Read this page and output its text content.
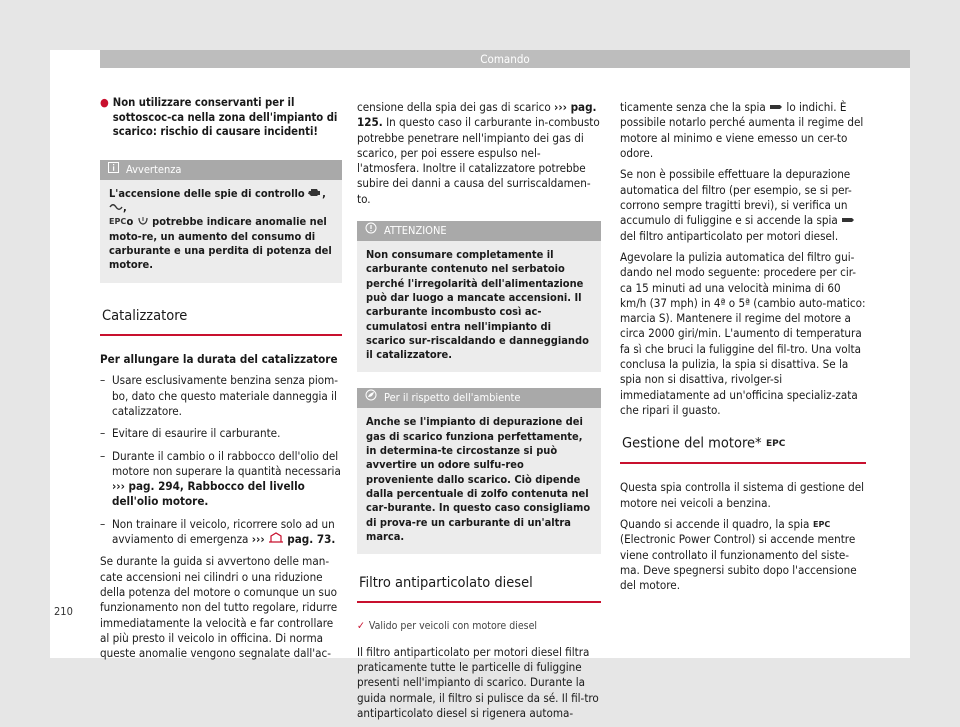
Comando
● Non utilizzare conservanti per il sottoscoc-ca nella zona dell'impianto di scarico: rischio di causare incidenti!
Avvertenza
L'accensione delle spie di controllo , ,

EPC o potrebbe indicare anomalie nel moto-re, un aumento del consumo di carburante e una perdita di potenza del motore.
Catalizzatore

Per allungare la durata del catalizzatore

– Usare esclusivamente benzina senza piom-bo, dato che questo materiale danneggia il catalizzatore.
– Evitare di esaurire il carburante.
– Durante il cambio o il rabbocco dell'olio del motore non superare la quantità necessaria ››› pag. 294, Rabbocco del livello dell'olio motore.
– Non trainare il veicolo, ricorrere solo ad un avviamento di emergenza ››› pag. 73.

Se durante la guida si avvertono delle man-cate accensioni nei cilindri o una riduzione della potenza del motore o comunque un suo funzionamento non del tutto regolare, ridurre immediatamente la velocità e far controllare al più presto il veicolo in officina. Di norma queste anomalie vengono segnalate dall'ac-

censione della spia dei gas di scarico ››› pag. 125. In questo caso il carburante in-combusto potrebbe penetrare nell'impianto dei gas di scarico, per poi essere espulso nel-l'atmosfera. Inoltre il catalizzatore potrebbe subire dei danni a causa del surriscaldamen-to.

ATTENZIONE
Non consumare completamente il carburante contenuto nel serbatoio perché l'irregolarità dell'alimentazione può dar luogo a mancate accensioni. Il carburante incombusto così ac-cumulatosi entra nell'impianto di scarico sur-riscaldando e danneggiando il catalizzatore.
Per il rispetto dell'ambiente
Anche se l'impianto di depurazione dei gas di scarico funziona perfettamente, in determina-te circostanze si può avvertire un odore sulfu-reo proveniente dallo scarico. Ciò dipende dalla percentuale di zolfo contenuta nel car-burante. In questo caso consigliamo di prova-re un carburante di un'altra marca.
Filtro antiparticolato diesel
✓ Valido per veicoli con motore diesel

Il filtro antiparticolato per motori diesel filtra praticamente tutte le particelle di fuliggine presenti nell'impianto di scarico. Durante la guida normale, il filtro si pulisce da sé. Il fil-tro antiparticolato diesel si rigenera automa-

ticamente senza che la spia lo indichi. È possibile notarlo perché aumenta il regime del motore al minimo e viene emesso un cer-to odore.

Se non è possibile effettuare la depurazione automatica del filtro (per esempio, se si per-corrono sempre tragitti brevi), si verifica un accumulo di fuliggine e si accende la spia  del filtro antiparticolato per motori diesel.

Agevolare la pulizia automatica del filtro gui-dando nel modo seguente: procedere per cir-ca 15 minuti ad una velocità minima di 60 km/h (37 mph) in 4ª o 5ª (cambio auto-matico: marcia S). Mantenere il regime del motore a circa 2000 giri/min. L'aumento di temperatura fa sì che bruci la fuliggine del fil-tro. Una volta conclusa la pulizia, la spia si disattiva. Se la spia non si disattiva, rivolger-si immediatamente ad un'officina specializ-zata che ripari il guasto.

Gestione del motore* EPC

Questa spia controlla il sistema di gestione del motore nei veicoli a benzina.

Quando si accende il quadro, la spia EPC
(Electronic Power Control) si accende mentre viene controllato il funzionamento del siste-ma. Deve spegnersi subito dopo l'accensione del motore.

210
